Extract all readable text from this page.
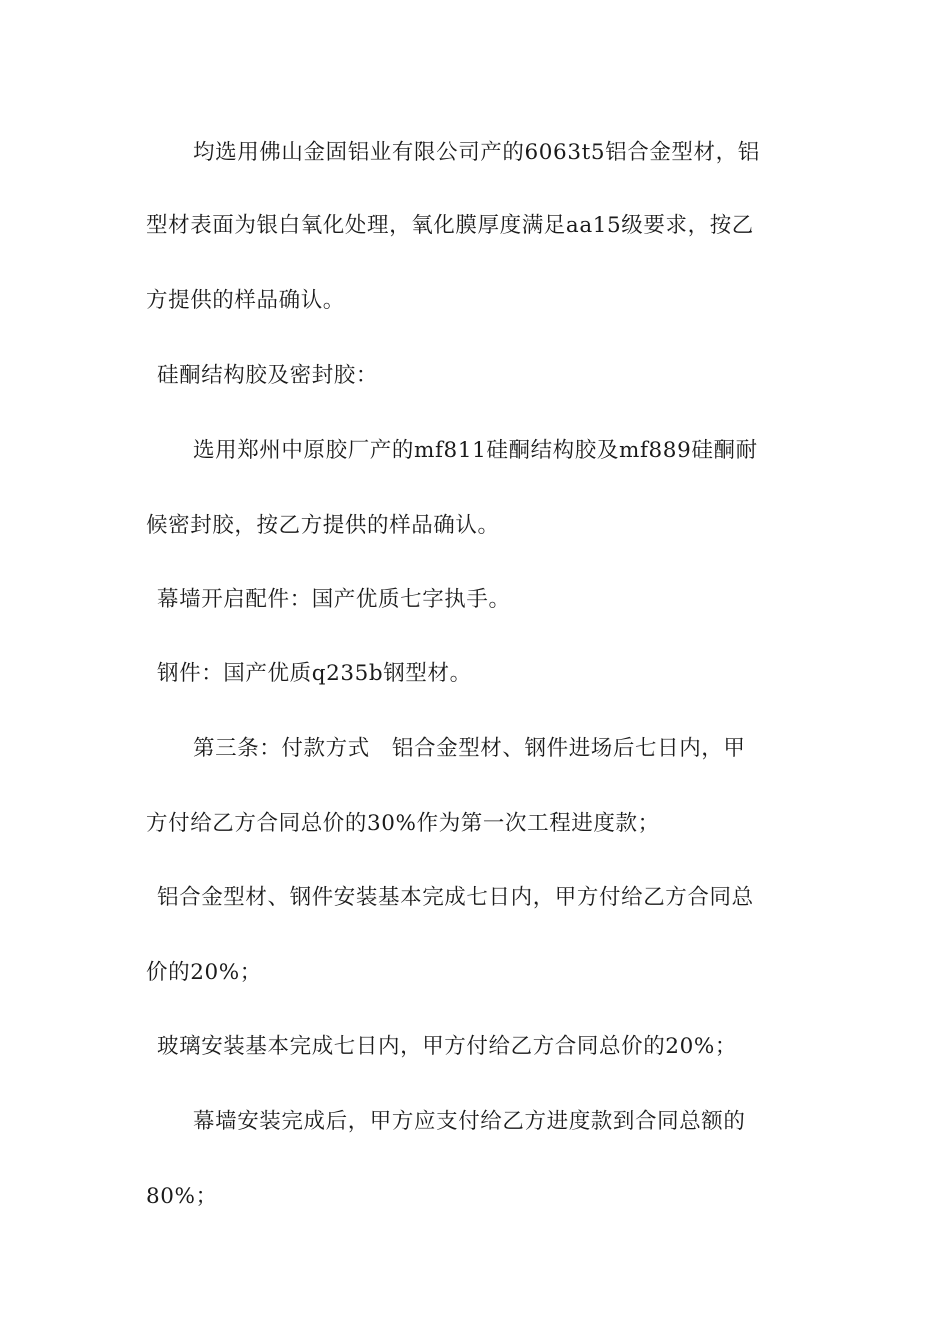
均选用佛山金固铝业有限公司产的6063t5铝合金型材，铝
型材表面为银白氧化处理，氧化膜厚度满足aa15级要求，按乙
方提供的样品确认。
硅酮结构胶及密封胶：
选用郑州中原胶厂产的mf811硅酮结构胶及mf889硅酮耐
候密封胶，按乙方提供的样品确认。
幕墙开启配件：国产优质七字执手。
钢件：国产优质q235b钢型材。
第三条：付款方式　铝合金型材、钢件进场后七日内，甲
方付给乙方合同总价的30%作为第一次工程进度款；
铝合金型材、钢件安装基本完成七日内，甲方付给乙方合同总
价的20%；
玻璃安装基本完成七日内，甲方付给乙方合同总价的20%；
幕墙安装完成后，甲方应支付给乙方进度款到合同总额的
80%；
